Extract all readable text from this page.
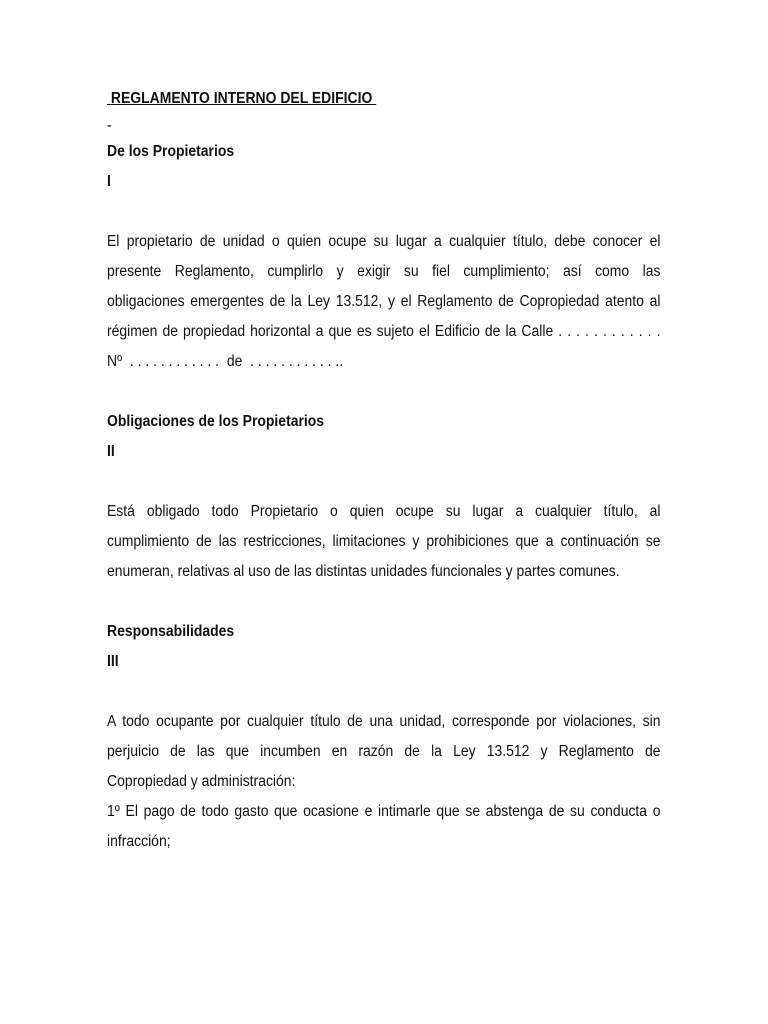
REGLAMENTO INTERNO DEL EDIFICIO
-
De los Propietarios
I
El propietario de unidad o quien ocupe su lugar a cualquier título, debe conocer el
presente Reglamento, cumplirlo y exigir su fiel cumplimiento; así como las
obligaciones emergentes de la Ley 13.512, y el Reglamento de Copropiedad atento al
régimen de propiedad horizontal a que es sujeto el Edificio de la Calle . . . . . . . . . . . .
Nº  . . . . . . . . . . . .  de  . . . . . . . . . . . ..
Obligaciones de los Propietarios
II
Está obligado todo Propietario o quien ocupe su lugar a cualquier título, al
cumplimiento de las restricciones, limitaciones y prohibiciones que a continuación se
enumeran, relativas al uso de las distintas unidades funcionales y partes comunes.
Responsabilidades
III
A todo ocupante por cualquier título de una unidad, corresponde por violaciones, sin
perjuicio de las que incumben en razón de la Ley 13.512 y Reglamento de
Copropiedad y administración:
1º El pago de todo gasto que ocasione e intimarle que se abstenga de su conducta o
infracción;
